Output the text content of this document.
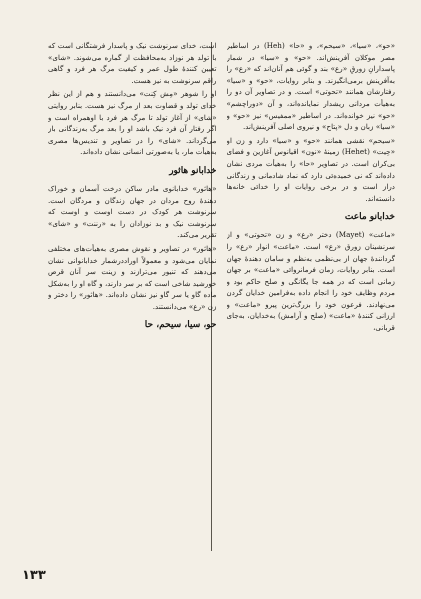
است، خدای سرنوشت نیک و پاسدار فرشتگانی است که با تولد هر نوزاد به‌محافظت از گماره می‌شوند. «شای» تعیین کنندهٔ طول عمر و کیفیت مرگ هر فرد و گاهی راقم سرنوشت به نیز هست.

او را شوهر «مِش کِنت» می‌دانستند و هم از این نظر خدای تولد و قضاوت بعد از مرگ نیز هست. بنابر روایتی «شای» از آغاز تولد تا مرگ هر فرد با اوهمراه است و اگر رفتار آن فرد نیک باشد او را بعد مرگ به‌زندگانی باز می‌گرداند. «شای» را در تصاویر و تندیس‌ها مصری به‌هیأت مار، یا به‌صورتی انسانی نشان داده‌اند.

خدابانو هاثور

«هاثور» خدابانوی مادر ساکن درخت آسمان و خوراک دهندهٔ روح مردان در جهان زندگان و مردگان است. سرنوشت هر کودک در دست اوست و اوست که سرنوشت نیک و بد نوزادان را به «رننت» و «شای» تقریر می‌کند.

«هاثور» در تصاویر و نقوش مصری به‌هیأت‌های مختلفی نمایان می‌شود و معمولاً اوراددرشمار خدابانوانی نشان می‌دهند که تنیور می‌ترازند و زینت سر آنان قرص خورشید شاخی است که بر سر دارند، و گاه او را به‌شکل ماده گاو یا سر گاو نیز نشان داده‌اند. «هاثور» را دختر و زن «رع» می‌دانستند.

حو، سیا، سیحم، حا

«حو»، «سیا»، «سیحم»، و «حا» (Heh) در اساطیر مصر موکلان آفرینش‌اند. «حو» و «سیا» در شمار پاسدارانِ زورقِ «رع» بند و گوئی هم آنان‌اند که «رع» را به‌آفرینش برمی‌انگیزند. و بنابر روایات، «حو» و «سیا» رفتارشان همانند «تحوتی» است. و در تصاویر آن دو را به‌هیأت مردانی ریشدار نمایانده‌اند، و آن «دوراچشم» «حو» نیز خوانده‌اند. در اساطیر «ممفیس» نیز «حو» و «سیا» زبان و دل «پتاح» و نیروی اصلی آفرینش‌اند.

«سیحم» نقشی همانند «حو» و «سیا» دارد و زن او «حِیت» (Hehet) زمینهٔ «نون» اقیانوس آغازین و فضای بی‌کران است. در تصاویر «حا» را به‌هیأت مردی نشان داده‌اند که نی خمیده‌ئی دارد که نماد شادمانی و زندگانی دراز است و در برخی روایات او را خدائی خانه‌ها دانسته‌اند.

خدابانو ماعت

«ماعت» (Mayet) دختر «رع» و زن «تحوتی» و از سرنشینان زورق «رع» است. «ماعت» انوار «رع» را گردانندهٔ جهان از بی‌نظمی به‌نظم و سامان دهندهٔ جهان است. بنابر روایات، زمان فرمانروائی «ماعت» بر جهان زمانی است که در همه جا یگانگی و صلح حاکم بود و مردم وظایف خود را انجام داده به‌فرامین خدایان گردن می‌نهادند. فرعون خود را بزرگ‌ترین پیرو «ماعت» و ارزانی کنندهٔ «ماعت» (صلح و آرامش) به‌خدایان، به‌جای قربانی،

۱۳۳
